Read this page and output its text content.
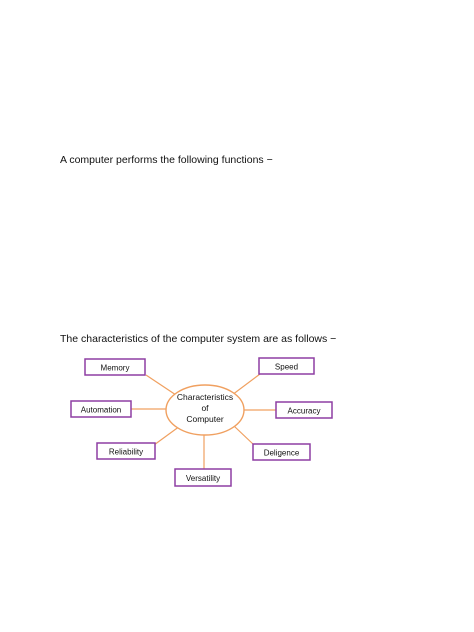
A computer performs the following functions −

The characteristics of the computer system are as follows −

Characteristics
of
Computer
Memory	Speed
Automation	Accuracy
Reliability	Deligence
Versatility
